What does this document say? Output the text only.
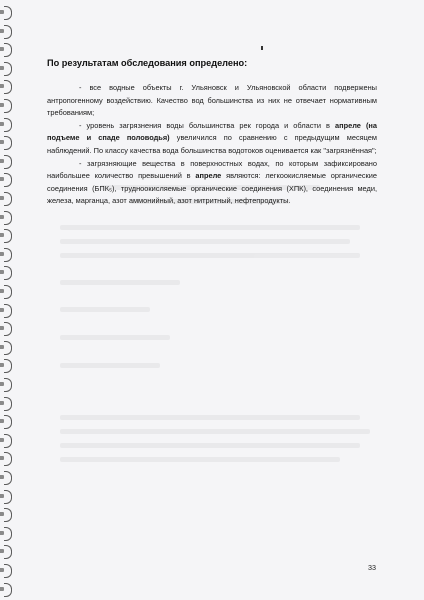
По результатам обследования определено:

- все водные объекты г. Ульяновск и Ульяновской области подвержены антропогенному воздействию. Качество вод большинства из них не отвечает нормативным требованиям;

- уровень загрязнения воды большинства рек города и области в апреле (на подъеме и спаде половодья) увеличился по сравнению с предыдущим месяцем наблюдений. По классу качества вода большинства водотоков оценивается как "загрязнённая";

- загрязняющие вещества в поверхностных водах, по которым зафиксировано наибольшее количество превышений в апреле являются: легкоокисляемые органические соединения (БПК₅), трудноокисляемые органические соединения (ХПК), соединения меди, железа, марганца, азот аммонийный, азот нитритный, нефтепродукты.

33
